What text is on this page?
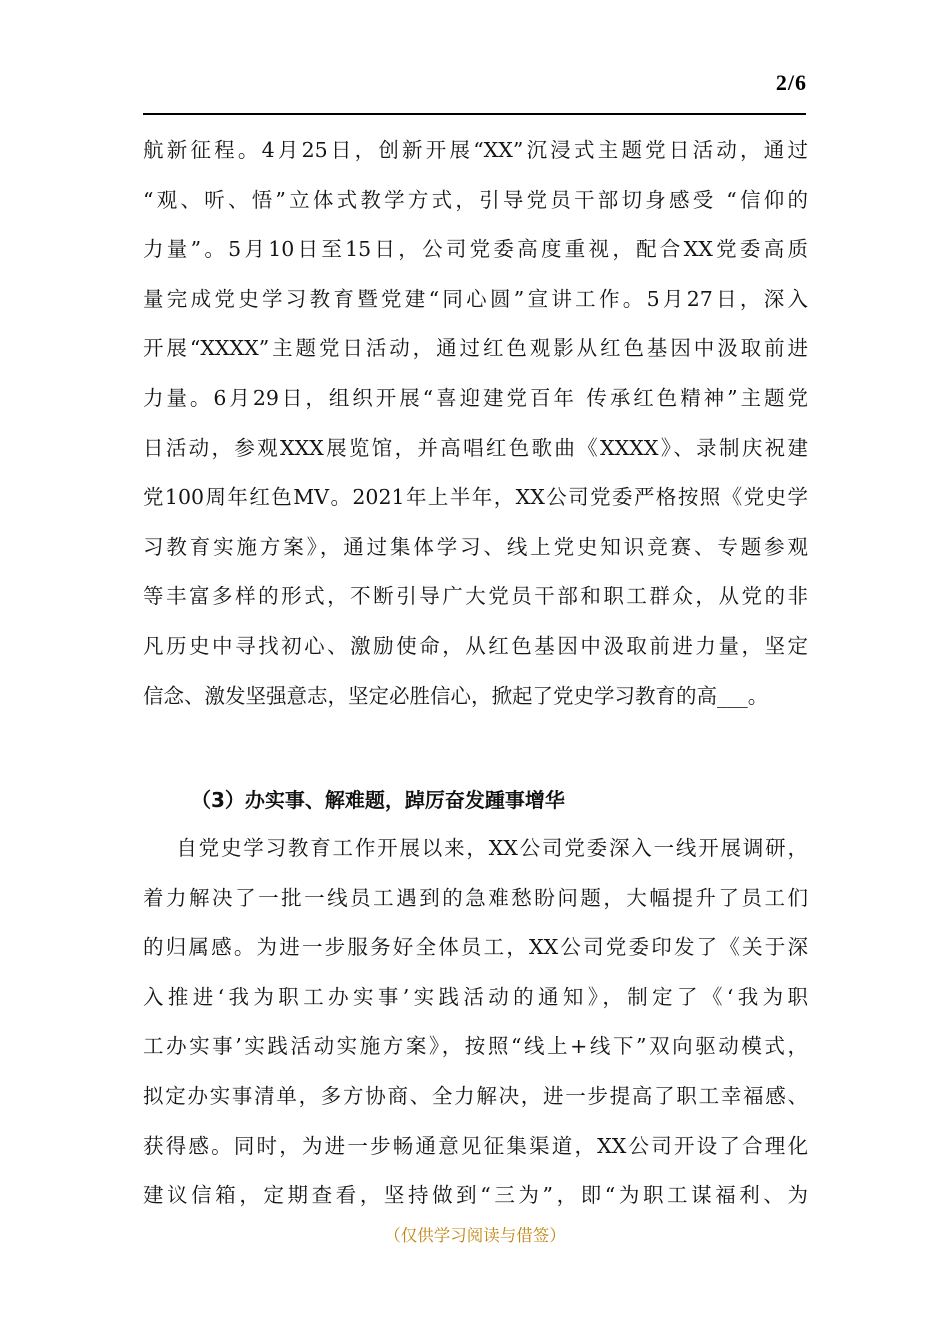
2/6
航新征程。4月25日，创新开展“XX”沉浸式主题党日活动，通过
“观、听、悟”立体式教学方式，引导党员干部切身感受 “信仰的
力量”。5月10日至15日，公司党委高度重视，配合XX党委高质
量完成党史学习教育暨党建“同心圆”宣讲工作。5月27日，深入
开展“XXXX”主题党日活动，通过红色观影从红色基因中汲取前进
力量。6月29日，组织开展“喜迎建党百年 传承红色精神”主题党
日活动，参观XXX展览馆，并高唱红色歌曲《XXXX》、录制庆祝建
党100周年红色MV。2021年上半年，XX公司党委严格按照《党史学
习教育实施方案》，通过集体学习、线上党史知识竞赛、专题参观
等丰富多样的形式，不断引导广大党员干部和职工群众，从党的非
凡历史中寻找初心、激励使命，从红色基因中汲取前进力量，坚定
信念、激发坚强意志，坚定必胜信心，掀起了党史学习教育的高___。
（3）办实事、解难题，踔厉奋发踵事增华
自党史学习教育工作开展以来，XX公司党委深入一线开展调研，
着力解决了一批一线员工遇到的急难愁盼问题，大幅提升了员工们
的归属感。为进一步服务好全体员工，XX公司党委印发了《关于深
入推进‘我为职工办实事’实践活动的通知》，制定了《‘我为职
工办实事’实践活动实施方案》，按照“线上+线下”双向驱动模式，
拟定办实事清单，多方协商、全力解决，进一步提高了职工幸福感、
获得感。同时，为进一步畅通意见征集渠道，XX公司开设了合理化
建议信箱，定期查看，坚持做到“三为”，即“为职工谋福利、为
（仅供学习阅读与借签）
